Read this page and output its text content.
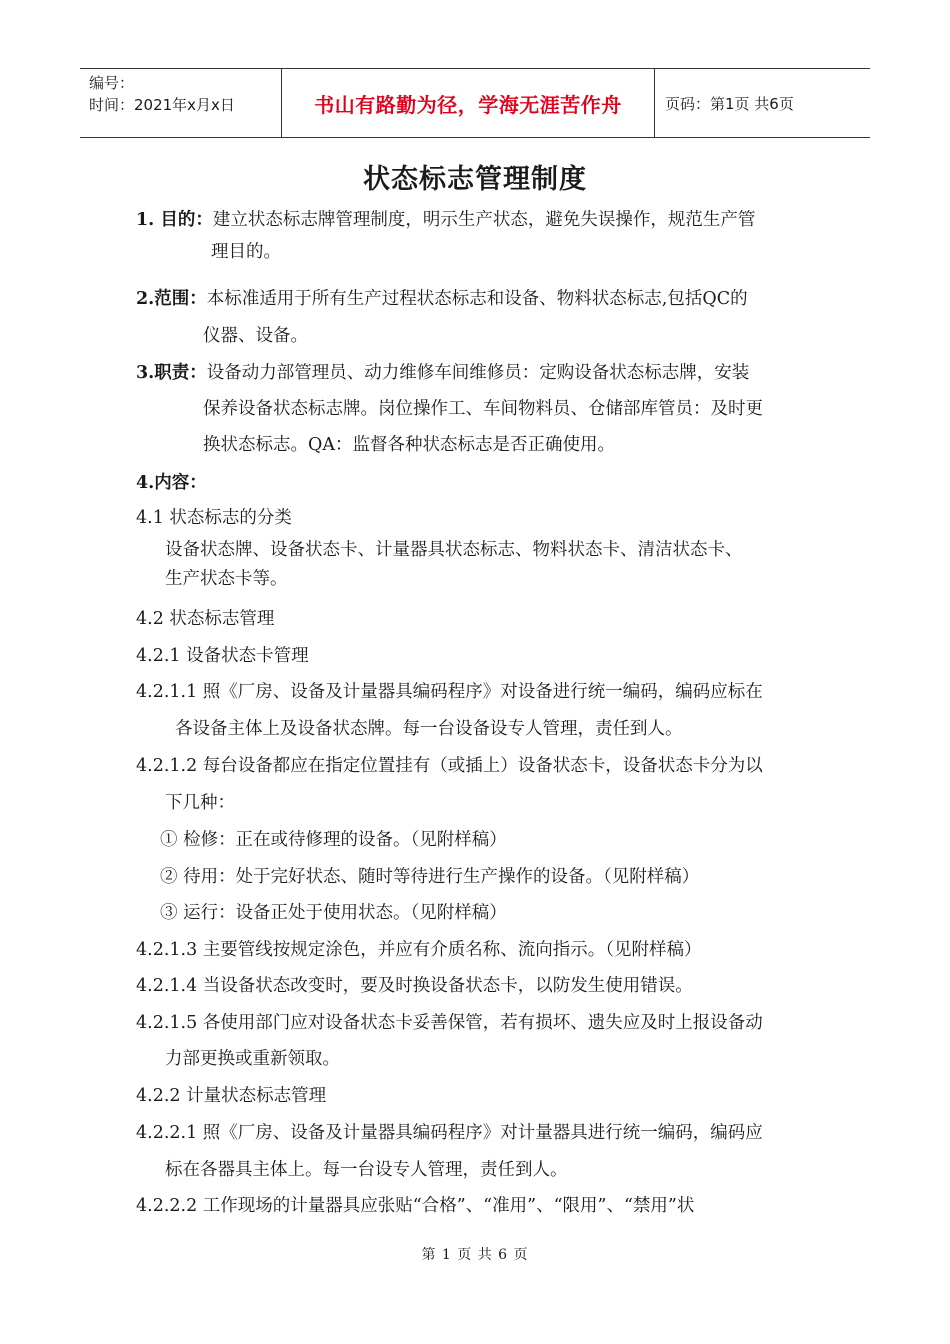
编号：
时间：2021年x月x日	书山有路勤为径，学海无涯苦作舟	页码：第1页 共6页
状态标志管理制度
1. 目的：建立状态标志牌管理制度，明示生产状态，避免失误操作，规范生产管
理目的。
2.范围：本标准适用于所有生产过程状态标志和设备、物料状态标志,包括QC的
仪器、设备。
3.职责：设备动力部管理员、动力维修车间维修员：定购设备状态标志牌，安装
保养设备状态标志牌。岗位操作工、车间物料员、仓储部库管员：及时更
换状态标志。QA：监督各种状态标志是否正确使用。
4.内容：
4.1 状态标志的分类
设备状态牌、设备状态卡、计量器具状态标志、物料状态卡、清洁状态卡、
生产状态卡等。
4.2 状态标志管理
4.2.1 设备状态卡管理
4.2.1.1 照《厂房、设备及计量器具编码程序》对设备进行统一编码，编码应标在
各设备主体上及设备状态牌。每一台设备设专人管理，责任到人。
4.2.1.2 每台设备都应在指定位置挂有（或插上）设备状态卡，设备状态卡分为以
下几种：
① 检修：正在或待修理的设备。（见附样稿）
② 待用：处于完好状态、随时等待进行生产操作的设备。（见附样稿）
③ 运行：设备正处于使用状态。（见附样稿）
4.2.1.3 主要管线按规定涂色，并应有介质名称、流向指示。（见附样稿）
4.2.1.4 当设备状态改变时，要及时换设备状态卡，以防发生使用错误。
4.2.1.5 各使用部门应对设备状态卡妥善保管，若有损坏、遗失应及时上报设备动
力部更换或重新领取。
4.2.2 计量状态标志管理
4.2.2.1 照《厂房、设备及计量器具编码程序》对计量器具进行统一编码，编码应
标在各器具主体上。每一台设专人管理，责任到人。
4.2.2.2 工作现场的计量器具应张贴“合格”、“准用”、“限用”、“禁用”状
第 1 页 共 6 页
